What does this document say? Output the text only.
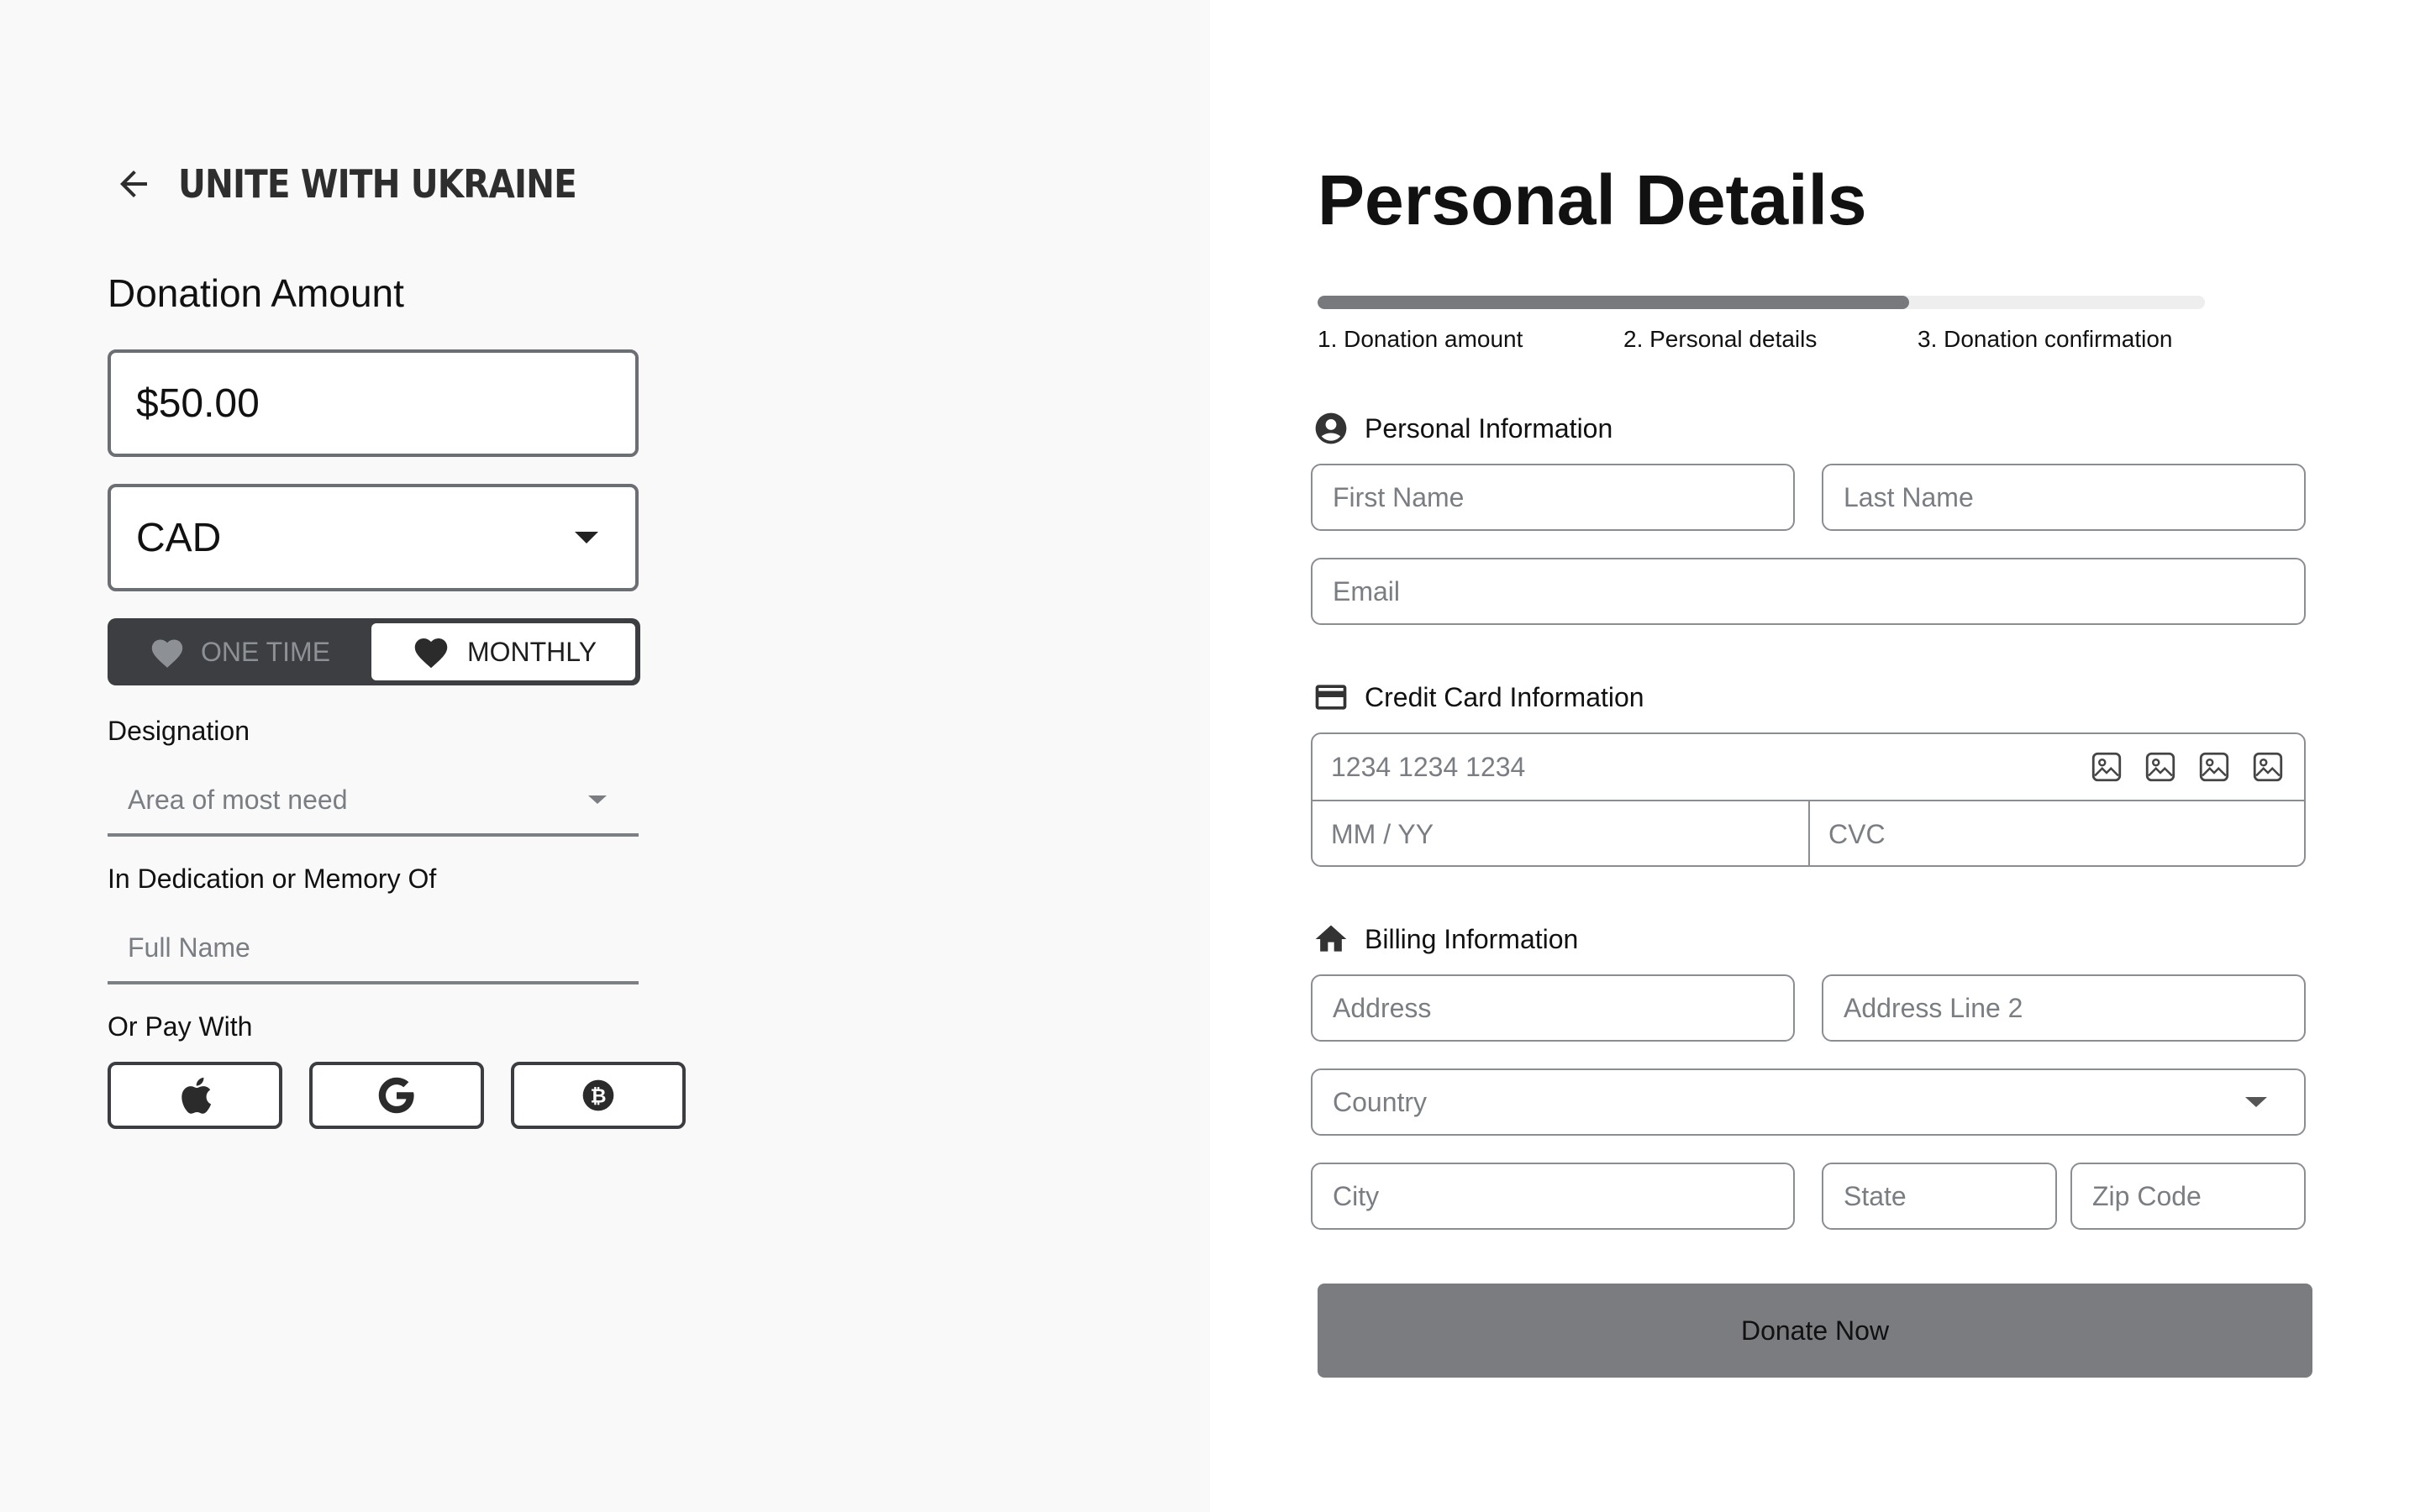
UNITE WITH UKRAINE
Donation Amount
$50.00
CAD
ONE TIME	MONTHLY
Designation
Area of most need
In Dedication or Memory Of
Full Name
Or Pay With
₿
Personal Details
1. Donation amount	2. Personal details	3. Donation confirmation
Personal Information
First Name	Last Name
Email
Credit Card Information
1234 1234 1234
MM / YY	CVC
Billing Information
Address	Address Line 2
Country
City	State	Zip Code
Donate Now
